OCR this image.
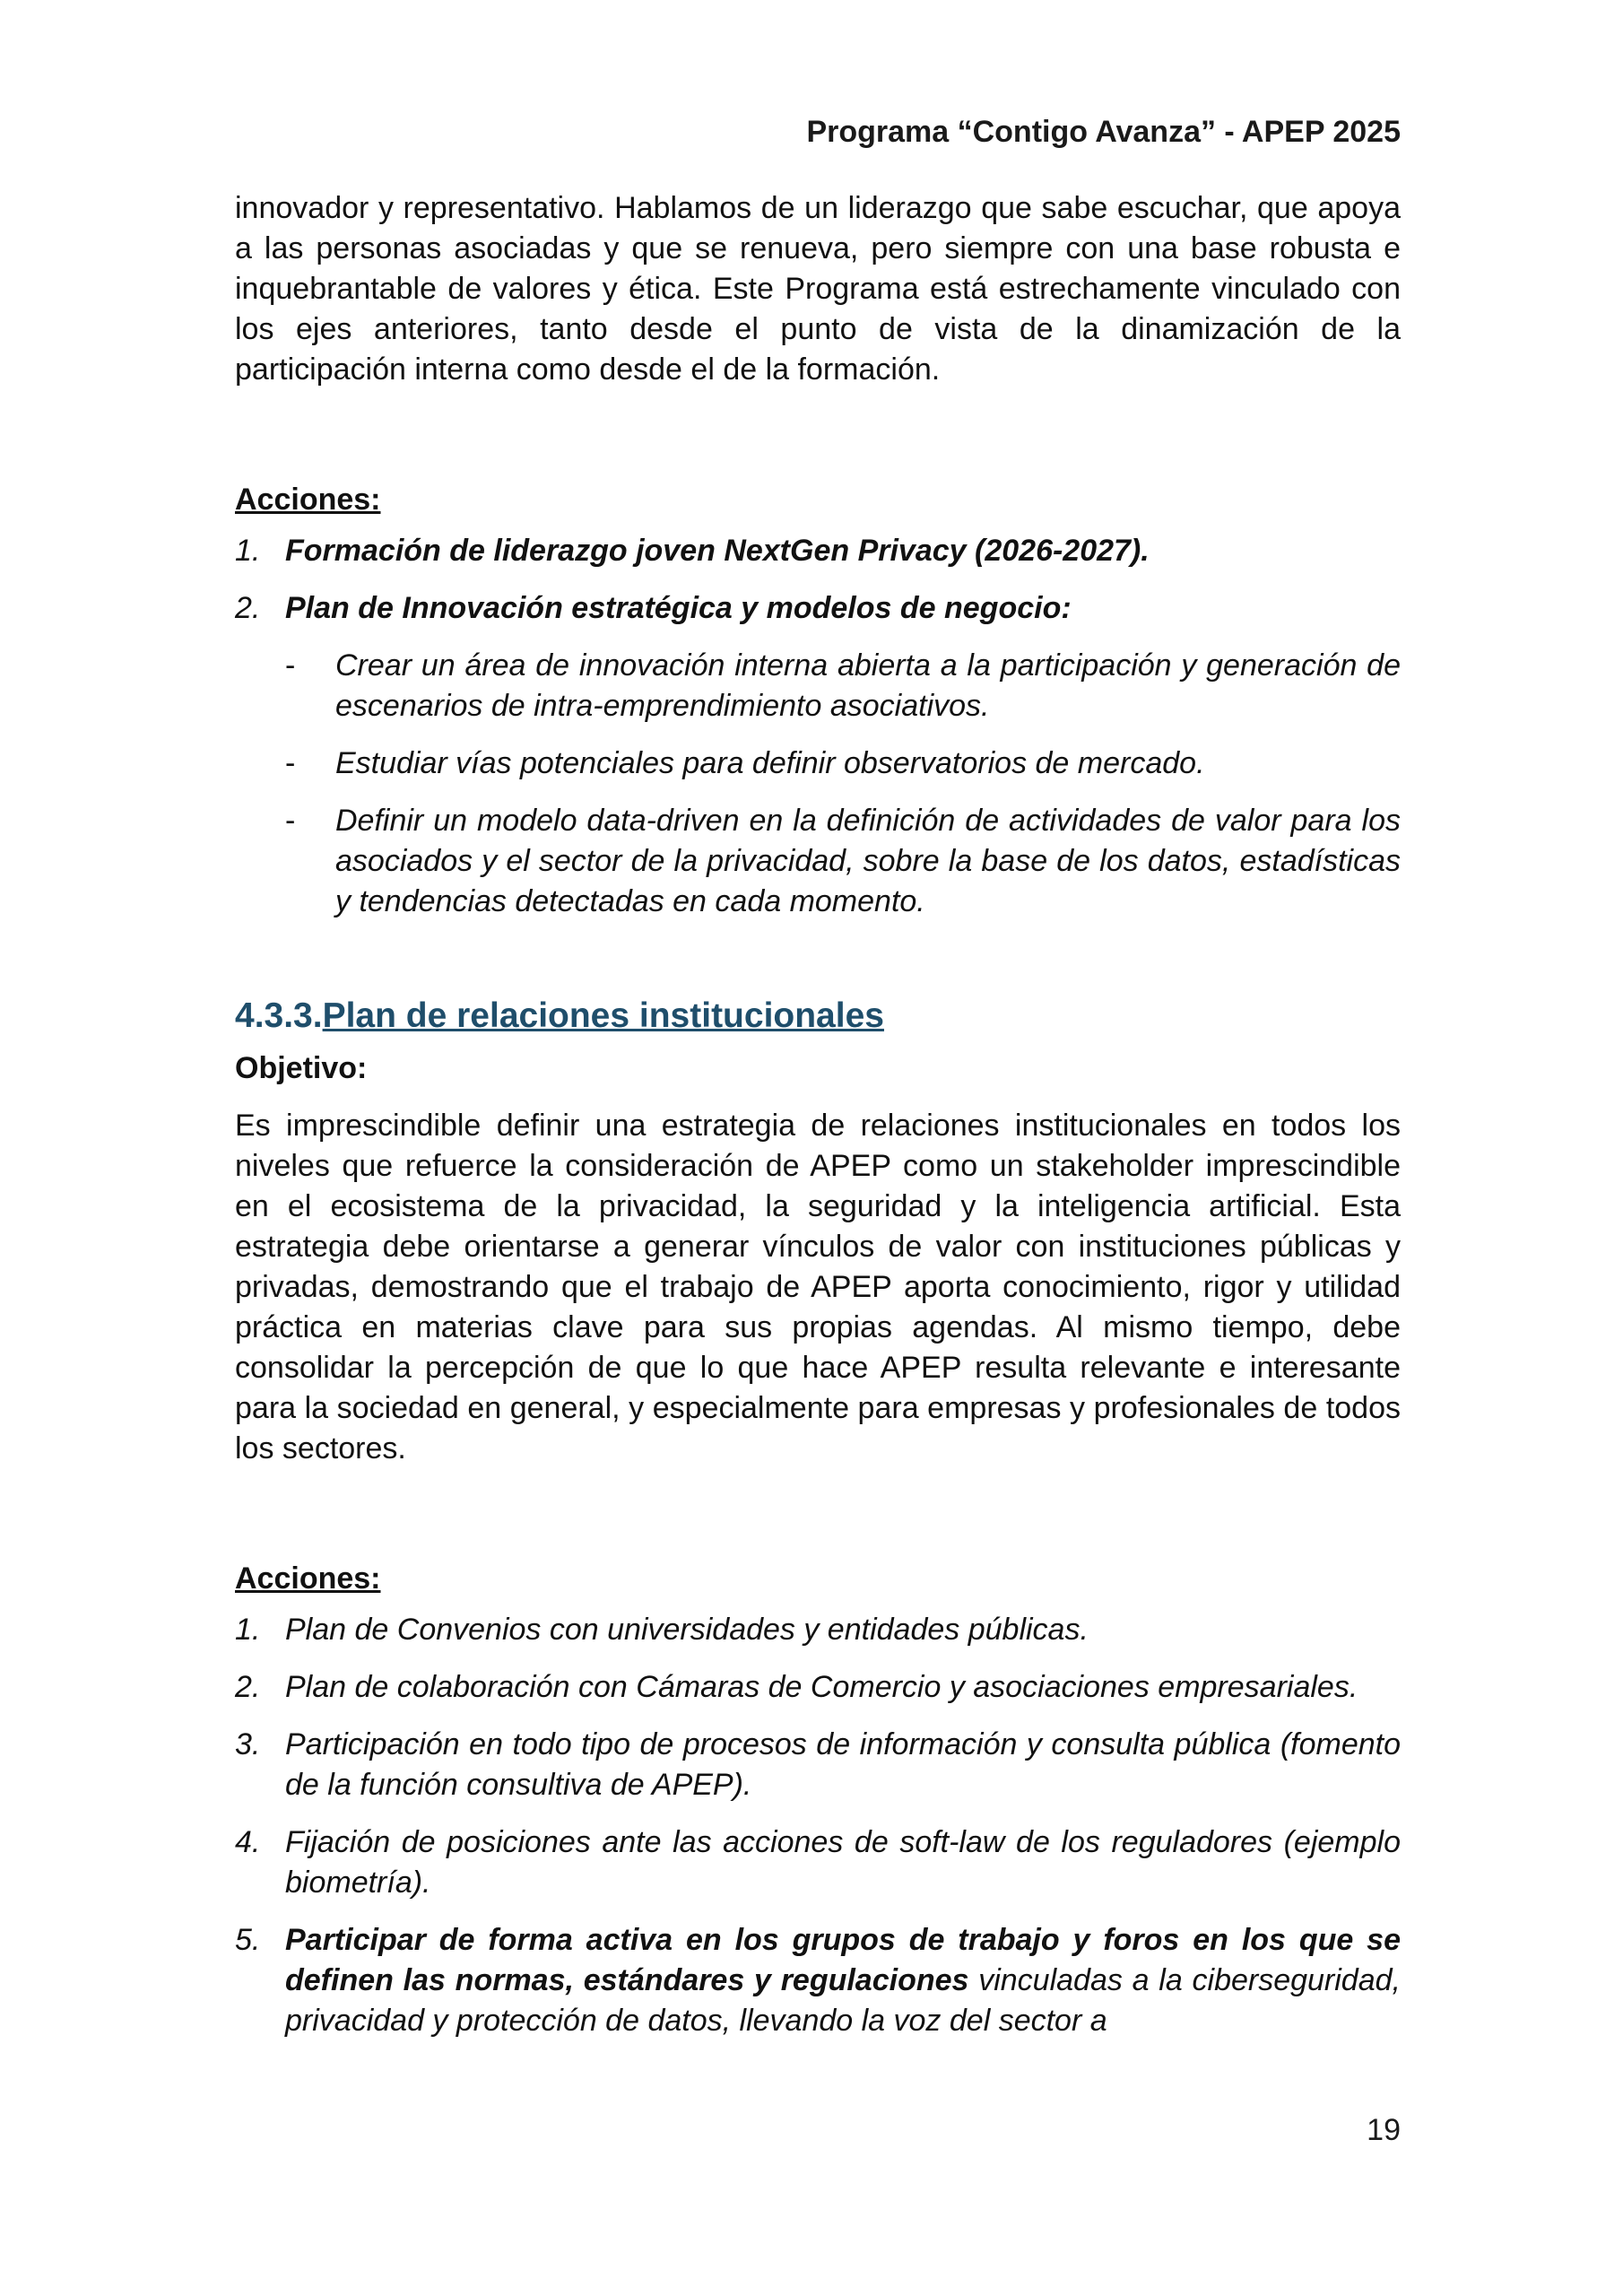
Programa “Contigo Avanza” - APEP 2025

innovador y representativo. Hablamos de un liderazgo que sabe escuchar, que apoya a las personas asociadas y que se renueva, pero siempre con una base robusta e inquebrantable de valores y ética. Este Programa está estrechamente vinculado con los ejes anteriores, tanto desde el punto de vista de la dinamización de la participación interna como desde el de la formación.

Acciones:

1. Formación de liderazgo joven NextGen Privacy (2026-2027).
2. Plan de Innovación estratégica y modelos de negocio:
- Crear un área de innovación interna abierta a la participación y generación de escenarios de intra-emprendimiento asociativos.
- Estudiar vías potenciales para definir observatorios de mercado.
- Definir un modelo data-driven en la definición de actividades de valor para los asociados y el sector de la privacidad, sobre la base de los datos, estadísticas y tendencias detectadas en cada momento.
4.3.3.Plan de relaciones institucionales

Objetivo:

Es imprescindible definir una estrategia de relaciones institucionales en todos los niveles que refuerce la consideración de APEP como un stakeholder imprescindible en el ecosistema de la privacidad, la seguridad y la inteligencia artificial. Esta estrategia debe orientarse a generar vínculos de valor con instituciones públicas y privadas, demostrando que el trabajo de APEP aporta conocimiento, rigor y utilidad práctica en materias clave para sus propias agendas. Al mismo tiempo, debe consolidar la percepción de que lo que hace APEP resulta relevante e interesante para la sociedad en general, y especialmente para empresas y profesionales de todos los sectores.

Acciones:

1. Plan de Convenios con universidades y entidades públicas.
2. Plan de colaboración con Cámaras de Comercio y asociaciones empresariales.
3. Participación en todo tipo de procesos de información y consulta pública (fomento de la función consultiva de APEP).
4. Fijación de posiciones ante las acciones de soft-law de los reguladores (ejemplo biometría).
5. Participar de forma activa en los grupos de trabajo y foros en los que se definen las normas, estándares y regulaciones vinculadas a la ciberseguridad, privacidad y protección de datos, llevando la voz del sector a
19
